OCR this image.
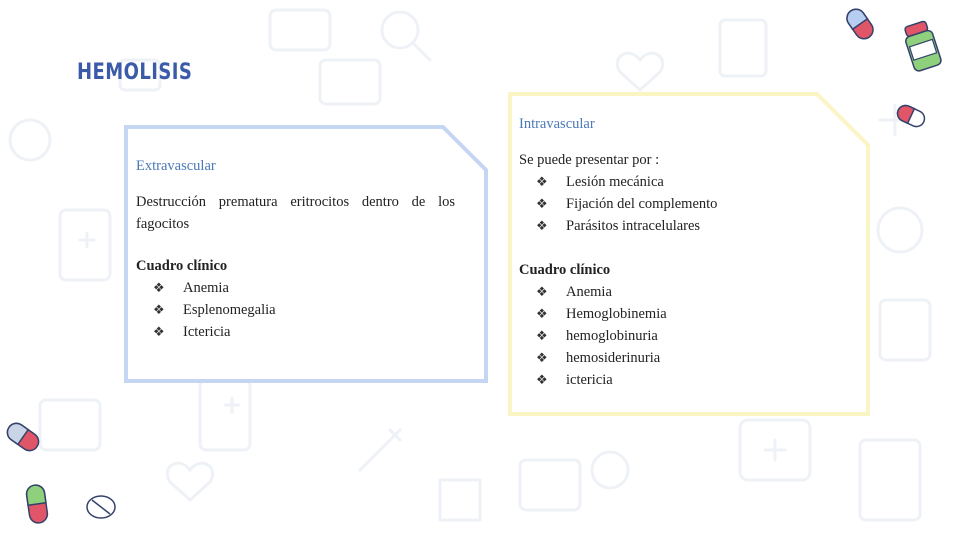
HEMOLISIS
Extravascular
Destrucción prematura eritrocitos dentro de los fagocitos
Cuadro clínico
❖ Anemia
❖ Esplenomegalia
❖ Ictericia
Intravascular
Se puede presentar por :
❖ Lesión mecánica
❖ Fijación del complemento
❖ Parásitos intracelulares
Cuadro clínico
❖ Anemia
❖ Hemoglobinemia
❖ hemoglobinuria
❖ hemosiderinuria
❖ ictericia
